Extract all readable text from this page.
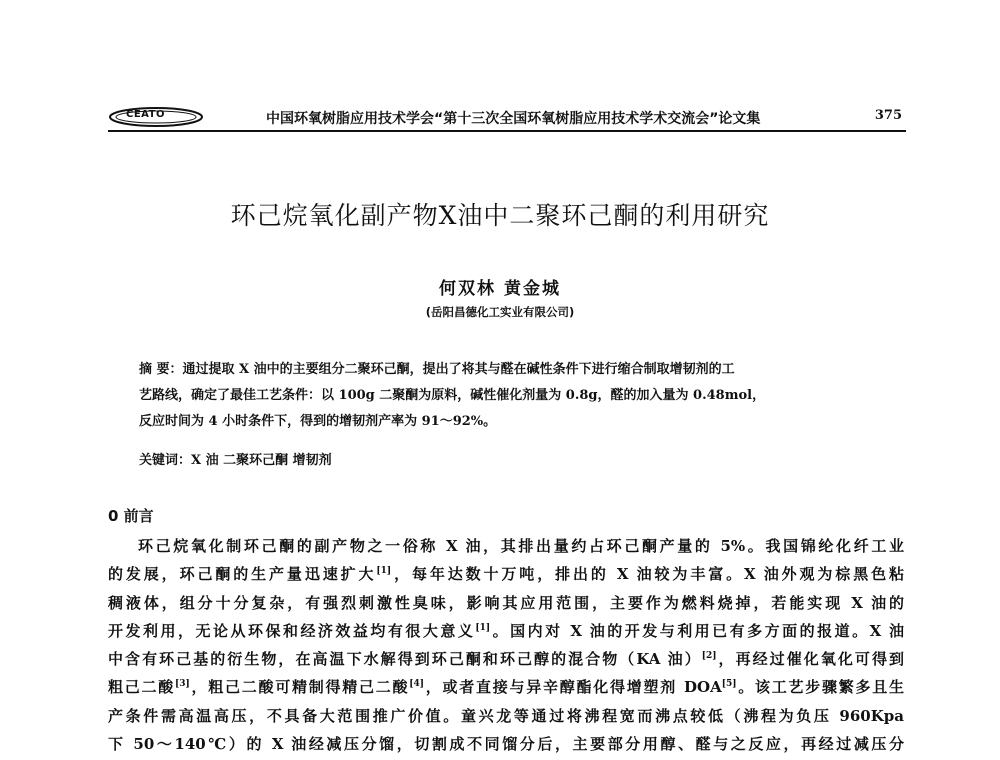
CEATO	中国环氧树脂应用技术学会“第十三次全国环氧树脂应用技术学术交流会”论文集	375
环己烷氧化副产物X油中二聚环己酮的利用研究
何双林 黄金城
(岳阳昌德化工实业有限公司)
摘 要：通过提取 X 油中的主要组分二聚环己酮，提出了将其与醛在碱性条件下进行缩合制取增韧剂的工
艺路线，确定了最佳工艺条件：以 100g 二聚酮为原料，碱性催化剂量为 0.8g，醛的加入量为 0.48mol，
反应时间为 4 小时条件下，得到的增韧剂产率为 91～92%。
关键词：X 油 二聚环己酮 增韧剂
0 前言
环己烷氧化制环己酮的副产物之一俗称 X 油，其排出量约占环己酮产量的 5%。我国锦纶化纤工业
的发展，环己酮的生产量迅速扩大[1]，每年达数十万吨，排出的 X 油较为丰富。X 油外观为棕黑色粘
稠液体，组分十分复杂，有强烈刺激性臭味，影响其应用范围，主要作为燃料烧掉，若能实现 X 油的
开发利用，无论从环保和经济效益均有很大意义[1]。国内对 X 油的开发与利用已有多方面的报道。X 油
中含有环己基的衍生物，在高温下水解得到环己酮和环己醇的混合物（KA 油）[2]，再经过催化氧化可得到
粗己二酸[3]，粗己二酸可精制得精己二酸[4]，或者直接与异辛醇酯化得增塑剂 DOA[5]。该工艺步骤繁多且生
产条件需高温高压，不具备大范围推广价值。童兴龙等通过将沸程宽而沸点较低（沸程为负压 960Kpa
下 50～140℃）的 X 油经减压分馏，切割成不同馏分后，主要部分用醇、醛与之反应，再经过减压分
